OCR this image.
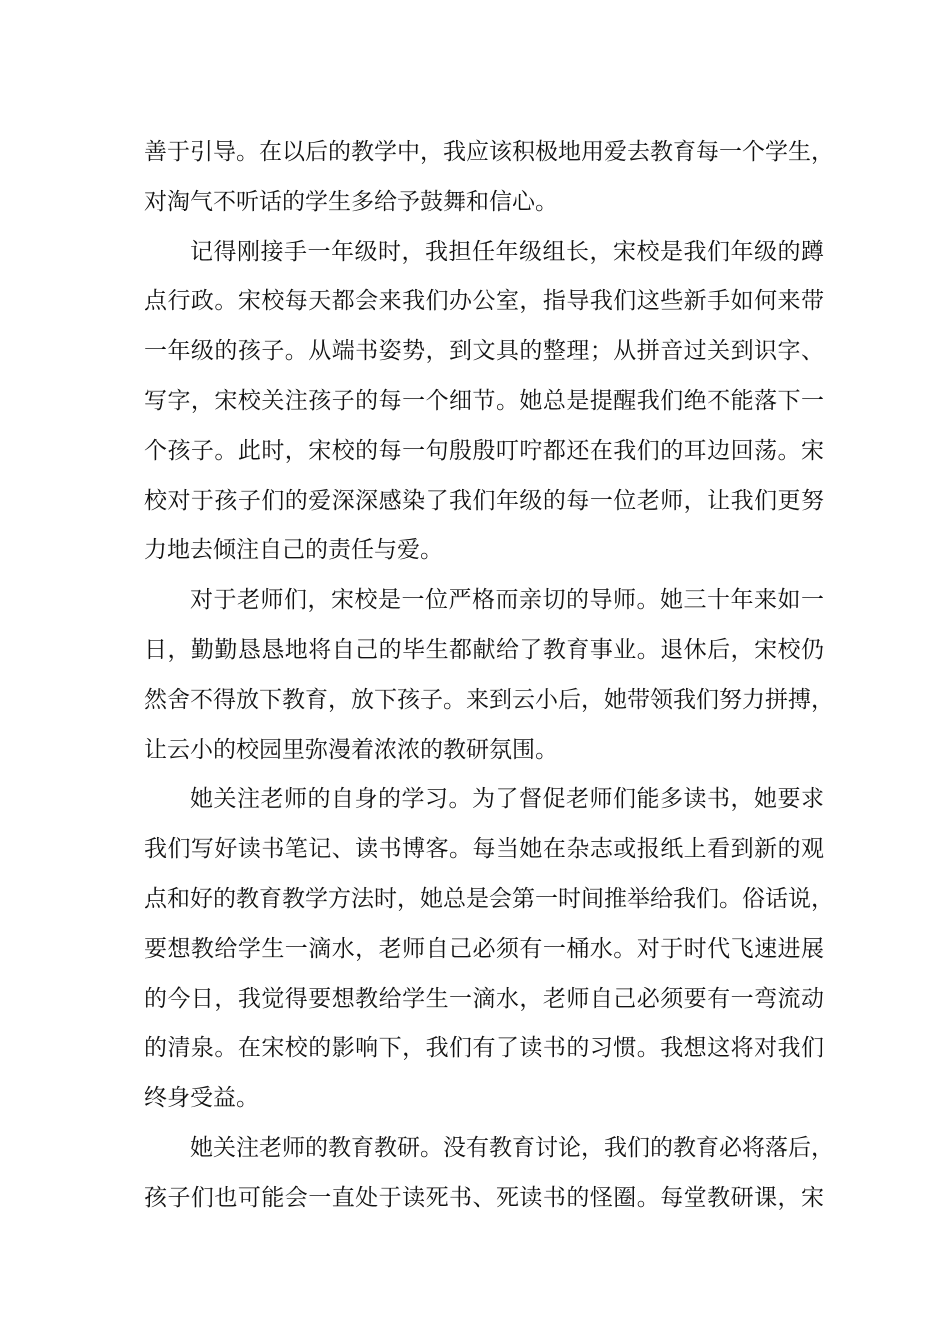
善于引导。在以后的教学中，我应该积极地用爱去教育每一个学生，
对淘气不听话的学生多给予鼓舞和信心。
记得刚接手一年级时，我担任年级组长，宋校是我们年级的蹲
点行政。宋校每天都会来我们办公室，指导我们这些新手如何来带
一年级的孩子。从端书姿势，到文具的整理；从拼音过关到识字、
写字，宋校关注孩子的每一个细节。她总是提醒我们绝不能落下一
个孩子。此时，宋校的每一句殷殷叮咛都还在我们的耳边回荡。宋
校对于孩子们的爱深深感染了我们年级的每一位老师，让我们更努
力地去倾注自己的责任与爱。
对于老师们，宋校是一位严格而亲切的导师。她三十年来如一
日，勤勤恳恳地将自己的毕生都献给了教育事业。退休后，宋校仍
然舍不得放下教育，放下孩子。来到云小后，她带领我们努力拼搏，
让云小的校园里弥漫着浓浓的教研氛围。
她关注老师的自身的学习。为了督促老师们能多读书，她要求
我们写好读书笔记、读书博客。每当她在杂志或报纸上看到新的观
点和好的教育教学方法时，她总是会第一时间推举给我们。俗话说，
要想教给学生一滴水，老师自己必须有一桶水。对于时代飞速进展
的今日，我觉得要想教给学生一滴水，老师自己必须要有一弯流动
的清泉。在宋校的影响下，我们有了读书的习惯。我想这将对我们
终身受益。
她关注老师的教育教研。没有教育讨论，我们的教育必将落后，
孩子们也可能会一直处于读死书、死读书的怪圈。每堂教研课，宋
